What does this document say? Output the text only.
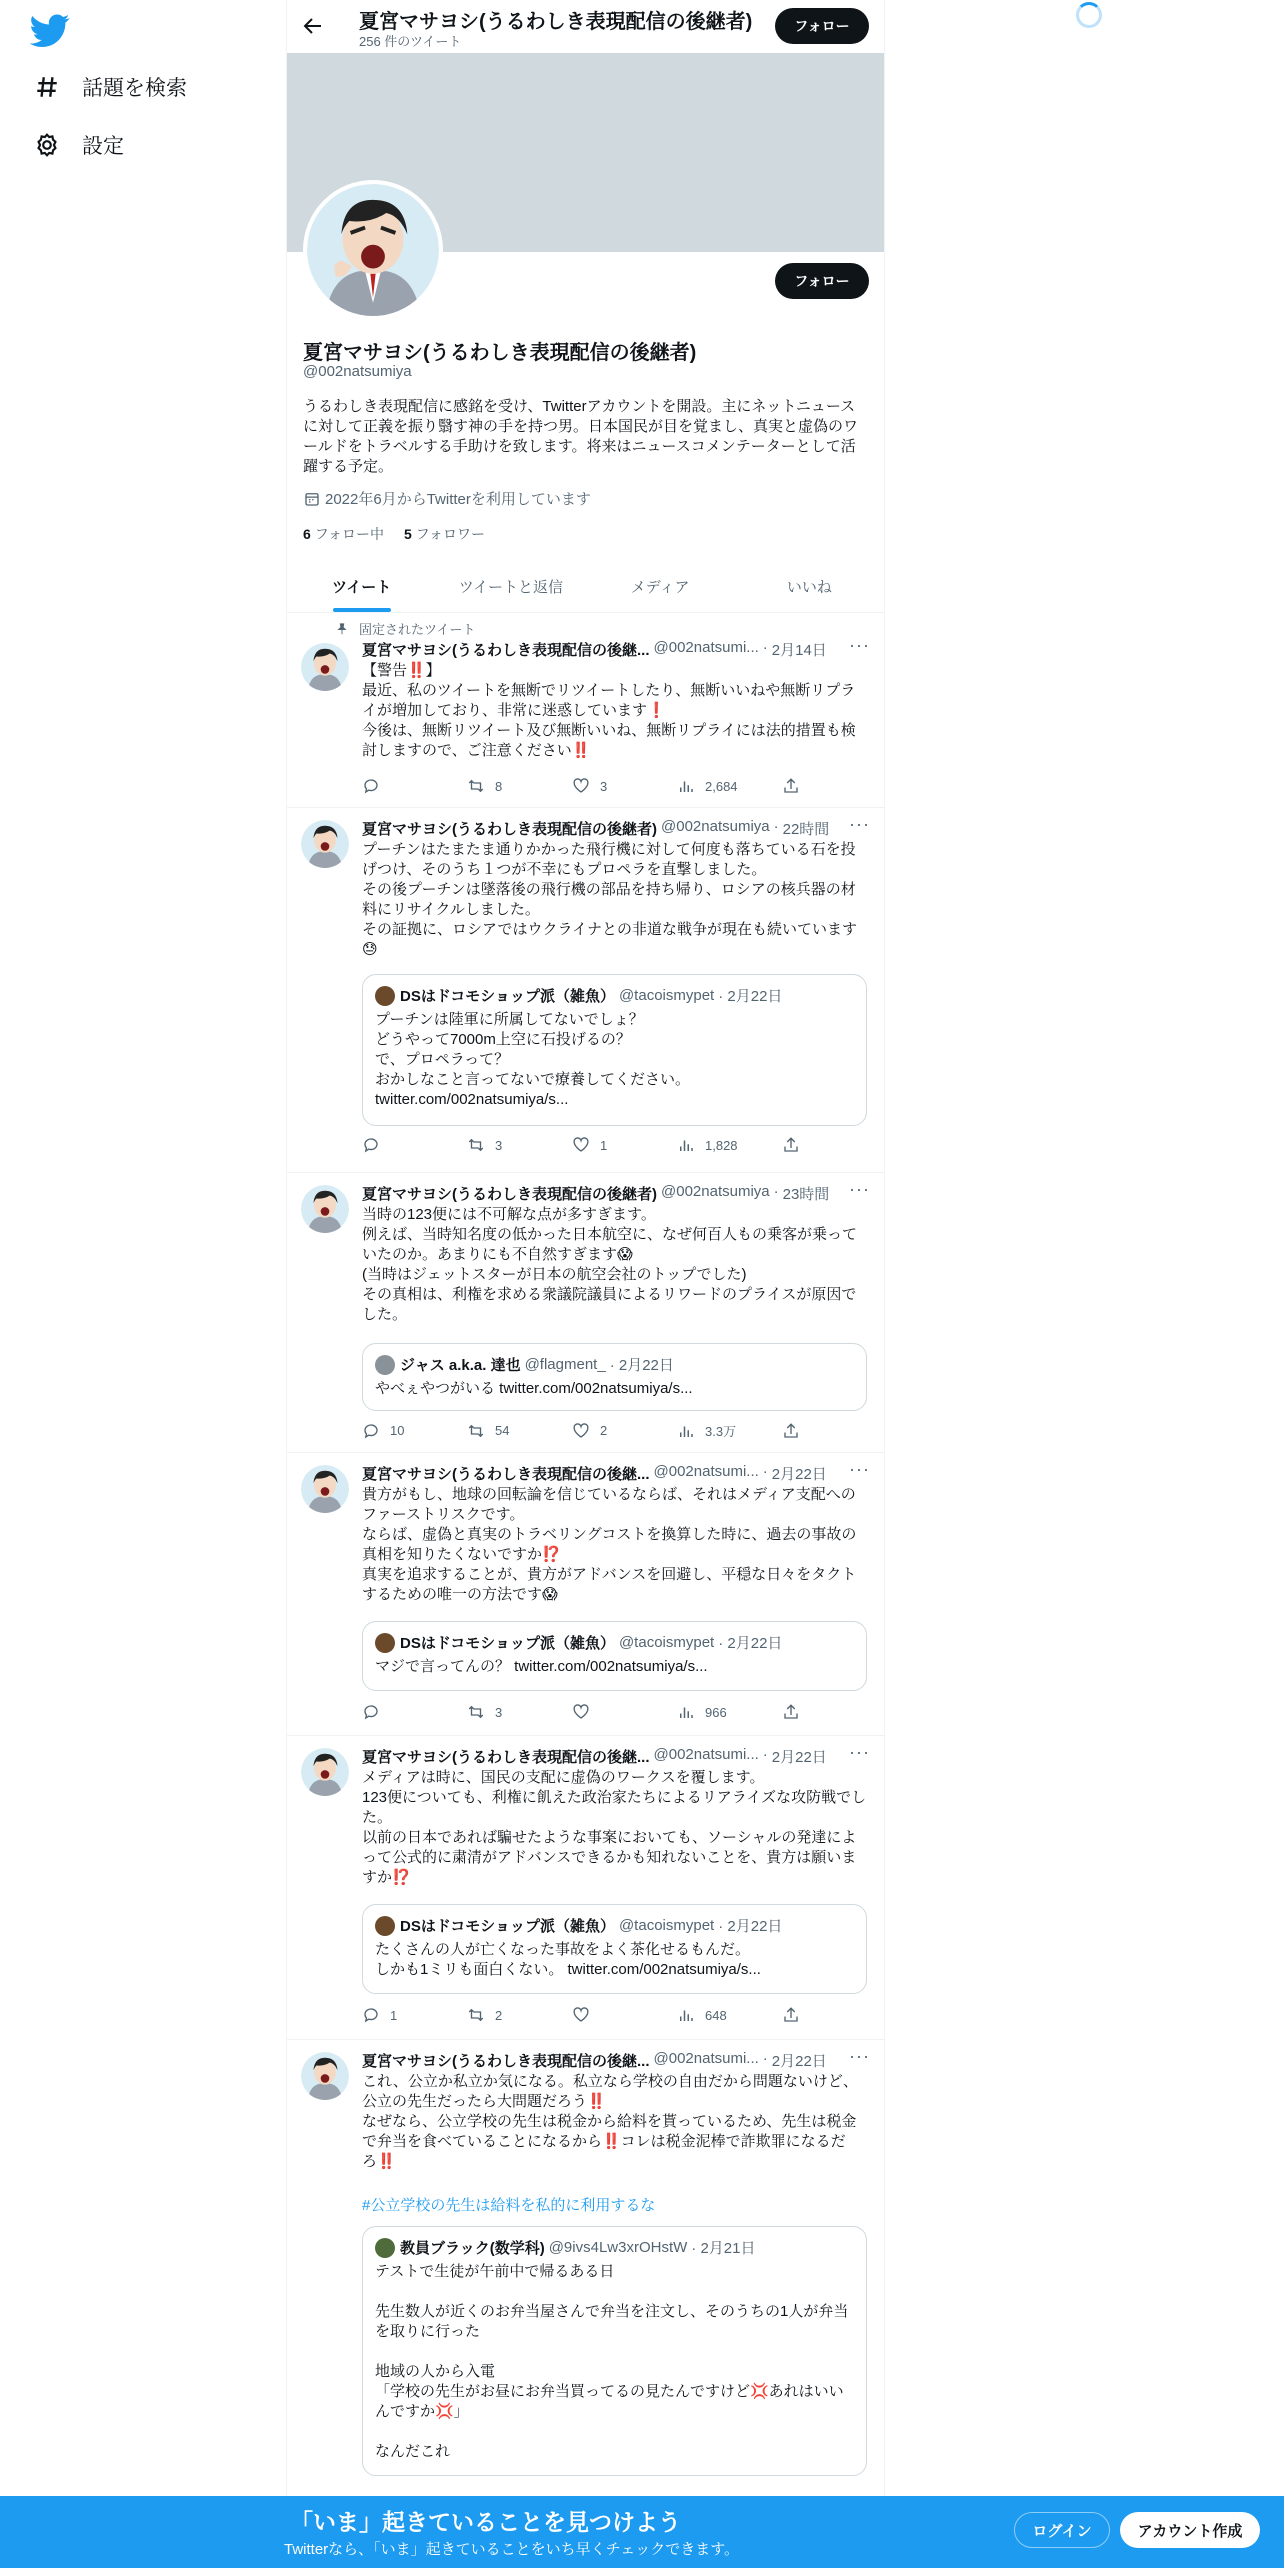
話題を検索
設定
夏宮マサヨシ(うるわしき表現配信の後継者)
256 件のツイート
フォロー
フォロー
夏宮マサヨシ(うるわしき表現配信の後継者)
@002natsumiya
うるわしき表現配信に感銘を受け、Twitterアカウントを開設。主にネットニュースに対して正義を振り翳す神の手を持つ男。日本国民が目を覚まし、真実と虚偽のワールドをトラベルする手助けを致します。将来はニュースコメンテーターとして活躍する予定。
2022年6月からTwitterを利用しています
6 フォロー中 5 フォロワー
ツイート	ツイートと返信	メディア	いいね
固定されたツイート
夏宮マサヨシ(うるわしき表現配信の後継... @002natsumi... · 2月14日 ···
【警告‼️】
最近、私のツイートを無断でリツイートしたり、無断いいねや無断リプライが増加しており、非常に迷惑しています❗️
今後は、無断リツイート及び無断いいね、無断リプライには法的措置も検討しますので、ご注意ください‼️
8	3	2,684
夏宮マサヨシ(うるわしき表現配信の後継者) @002natsumiya · 22時間 ···
プーチンはたまたま通りかかった飛行機に対して何度も落ちている石を投げつけ、そのうち１つが不幸にもプロペラを直撃しました。
その後プーチンは墜落後の飛行機の部品を持ち帰り、ロシアの核兵器の材料にリサイクルしました。
その証拠に、ロシアではウクライナとの非道な戦争が現在も続いています😓
DSはドコモショップ派（雑魚） @tacoismypet · 2月22日
プーチンは陸軍に所属してないでしょ？
どうやって7000m上空に石投げるの？
で、プロペラって？
おかしなこと言ってないで療養してください。
twitter.com/002natsumiya/s...
3	1	1,828
夏宮マサヨシ(うるわしき表現配信の後継者) @002natsumiya · 23時間 ···
当時の123便には不可解な点が多すぎます。
例えば、当時知名度の低かった日本航空に、なぜ何百人もの乗客が乗っていたのか。あまりにも不自然すぎます😱
(当時はジェットスターが日本の航空会社のトップでした)
その真相は、利権を求める衆議院議員によるリワードのプライスが原因でした。
ジャス a.k.a. 達也 @flagment_ · 2月22日
やべぇやつがいる twitter.com/002natsumiya/s...
10	54	2	3.3万
夏宮マサヨシ(うるわしき表現配信の後継... @002natsumi... · 2月22日 ···
貴方がもし、地球の回転論を信じているならば、それはメディア支配へのファーストリスクです。
ならば、虚偽と真実のトラベリングコストを換算した時に、過去の事故の真相を知りたくないですか⁉️
真実を追求することが、貴方がアドバンスを回避し、平穏な日々をタクトするための唯一の方法です😱
DSはドコモショップ派（雑魚） @tacoismypet · 2月22日
マジで言ってんの？ twitter.com/002natsumiya/s...
3	966
夏宮マサヨシ(うるわしき表現配信の後継... @002natsumi... · 2月22日 ···
メディアは時に、国民の支配に虚偽のワークスを覆します。
123便についても、利権に飢えた政治家たちによるリアライズな攻防戦でした。
以前の日本であれば騙せたような事案においても、ソーシャルの発達によって公式的に粛清がアドバンスできるかも知れないことを、貴方は願いますか⁉️
DSはドコモショップ派（雑魚） @tacoismypet · 2月22日
たくさんの人が亡くなった事故をよく茶化せるもんだ。
しかも1ミリも面白くない。 twitter.com/002natsumiya/s...
1	2	648
夏宮マサヨシ(うるわしき表現配信の後継... @002natsumi... · 2月22日 ···
これ、公立か私立か気になる。私立なら学校の自由だから問題ないけど、公立の先生だったら大問題だろう‼️
なぜなら、公立学校の先生は税金から給料を貰っているため、先生は税金で弁当を食べていることになるから‼️コレは税金泥棒で詐欺罪になるだろ‼️
#公立学校の先生は給料を私的に利用するな
教員ブラック(数学科) @9ivs4Lw3xrOHstW · 2月21日
テストで生徒が午前中で帰るある日

先生数人が近くのお弁当屋さんで弁当を注文し、そのうちの1人が弁当を取りに行った

地域の人から入電
「学校の先生がお昼にお弁当買ってるの見たんですけど💢あれはいいんですか💢」

なんだこれ
「いま」起きていることを見つけよう
Twitterなら、「いま」起きていることをいち早くチェックできます。
ログイン	アカウント作成
